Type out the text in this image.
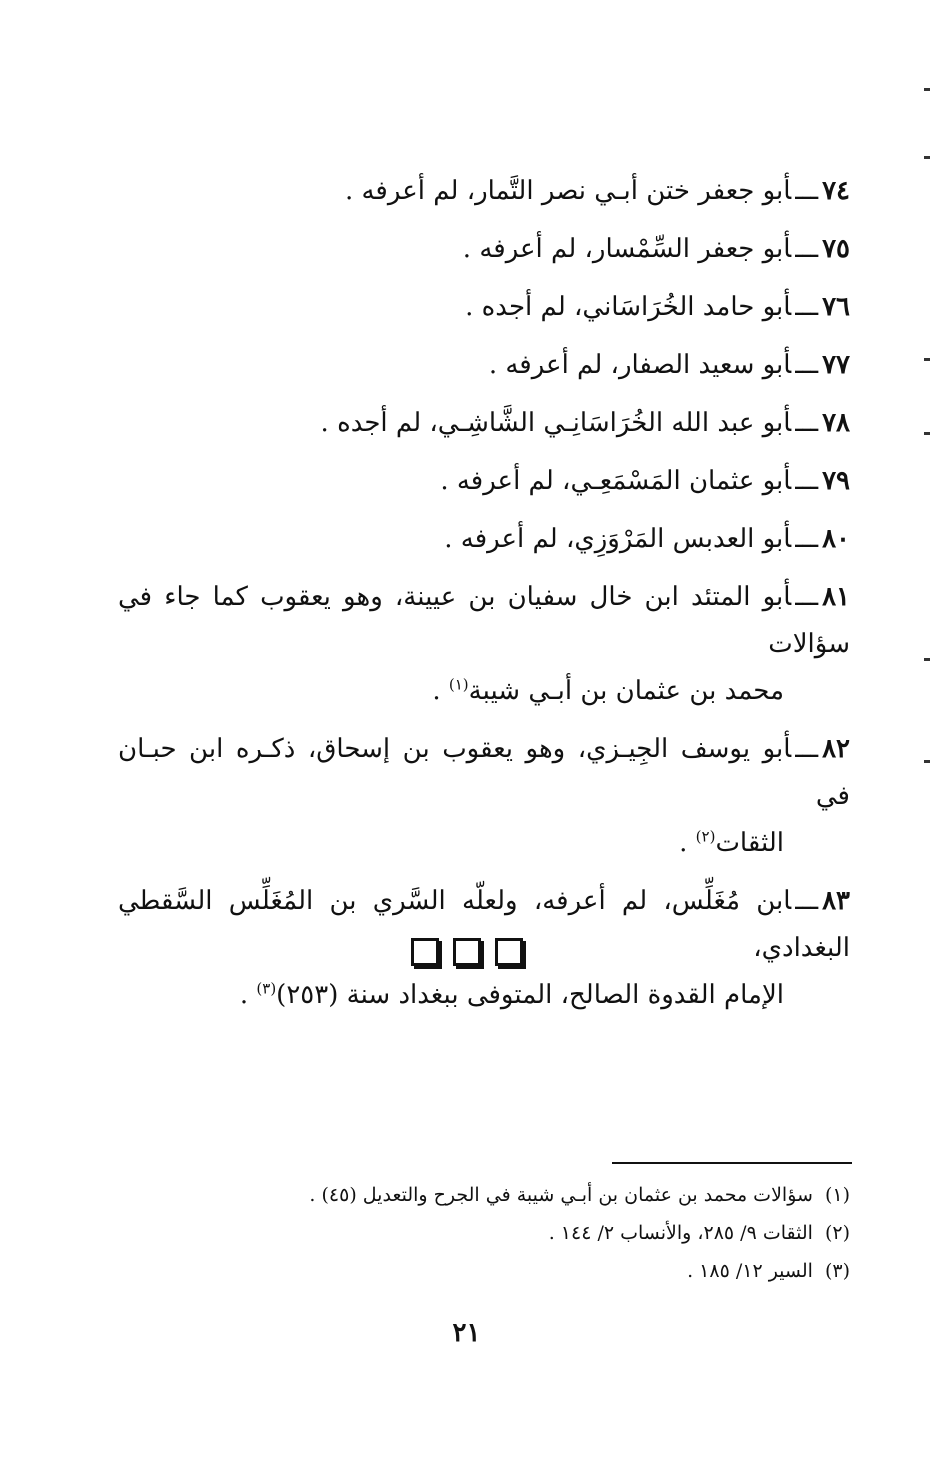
٧٤ـــأبو جعفر ختن أبـي نصر التَّمار، لم أعرفه .

٧٥ـــأبو جعفر السِّمْسار، لم أعرفه .

٧٦ـــأبو حامد الخُرَاسَاني، لم أجده .

٧٧ـــأبو سعيد الصفار، لم أعرفه .

٧٨ـــأبو عبد الله الخُرَاسَانِـي الشَّاشِـي، لم أجده .

٧٩ـــأبو عثمان المَسْمَعِـي، لم أعرفه .

٨٠ـــأبو العدبس المَرْوَزِي، لم أعرفه .

٨١ـــأبو المتئد ابن خال سفيان بن عيينة، وهو يعقوب كما جاء في سؤالات
محمد بن عثمان بن أبـي شيبة$^{(١)}$ .

٨٢ـــأبو يوسف الجِيـزي، وهو يعقوب بن إسحاق، ذكـره ابن حبـان في
الثقات$^{(٢)}$ .

٨٣ـــابن مُغَلِّس، لم أعرفه، ولعلّه السَّري بن المُغَلِّس السَّقطي البغدادي،
الإمام القدوة الصالح، المتوفى ببغداد سنة (٢٥٣)$^{(٣)}$ .

(١)سؤالات محمد بن عثمان بن أبـي شيبة في الجرح والتعديل (٤٥) .
(٢)الثقات ٩/ ٢٨٥، والأنساب ٢/ ١٤٤ .
(٣)السير ١٢/ ١٨٥ .
٢١
